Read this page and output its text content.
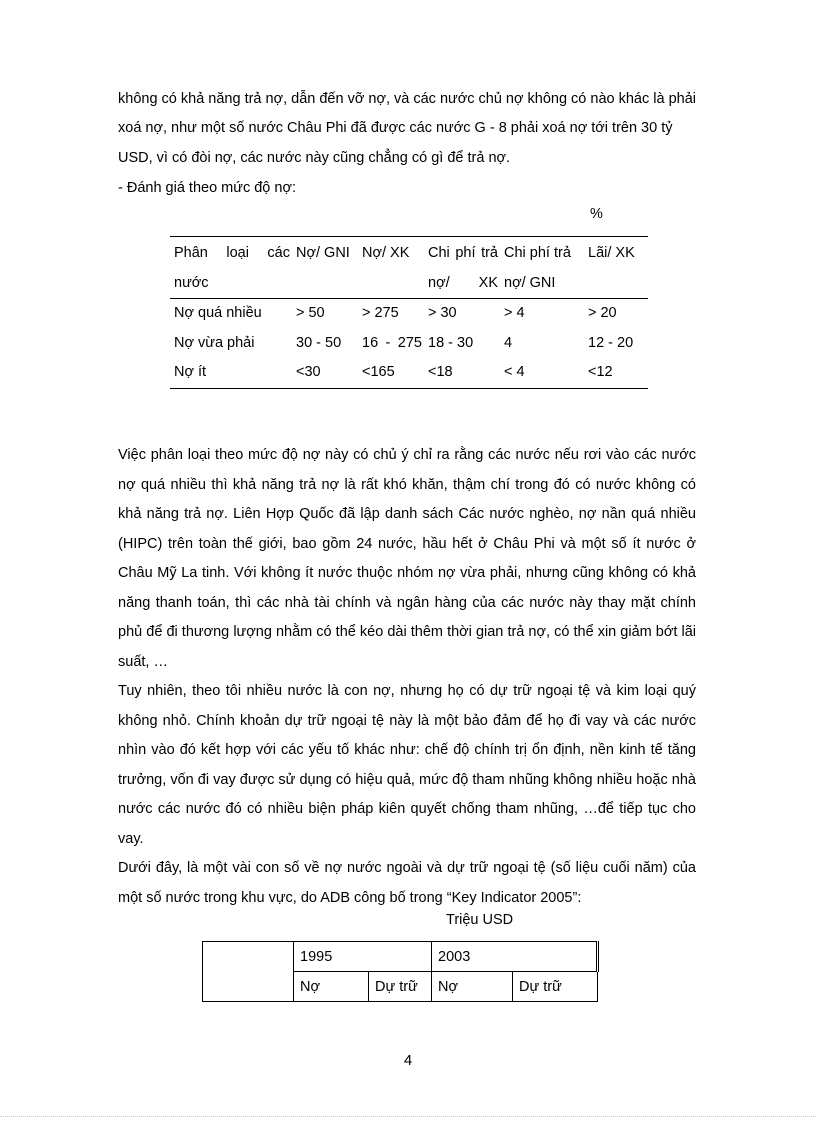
không có khả năng trả nợ, dẫn đến vỡ nợ, và các nước chủ nợ không có nào khác là phải
xoá nợ, như một số nước Châu Phi đã được các nước G - 8 phải xoá nợ tới trên 30 tỷ
USD, vì có đòi nợ, các nước này cũng chẳng có gì để trả nợ.
- Đánh giá theo mức độ nợ:
%
Phân loại các nước	Nợ/ GNI	Nợ/ XK	Chi phí trả nợ/ XK	Chi phí trả nợ/ GNI	Lãi/ XK
Nợ quá nhiều	> 50	> 275	> 30	> 4	> 20
Nợ vừa phải	30 - 50	16 - 275	18 - 30	4	12 - 20
Nợ ít	<30	<165	<18	< 4	<12

Việc phân loại theo mức độ nợ này có chủ ý chỉ ra rằng các nước nếu rơi vào các nước nợ quá nhiều thì khả năng trả nợ là rất khó khăn, thậm chí trong đó có nước không có khả năng trả nợ. Liên Hợp Quốc đã lập danh sách Các nước nghèo, nợ nần quá nhiều (HIPC) trên toàn thế giới, bao gồm 24 nước, hầu hết ở Châu Phi và một số ít nước ở Châu Mỹ La tinh. Với không ít nước thuộc nhóm nợ vừa phải, nhưng cũng không có khả năng thanh toán, thì các nhà tài chính và ngân hàng của các nước này thay mặt chính phủ để đi thương lượng nhằm có thể kéo dài thêm thời gian trả nợ, có thể xin giảm bớt lãi suất, …

Tuy nhiên, theo tôi nhiều nước là con nợ, nhưng họ có dự trữ ngoại tệ và kim loại quý không nhỏ. Chính khoản dự trữ ngoại tệ này là một bảo đảm để họ đi vay và các nước nhìn vào đó kết hợp với các yếu tố khác như: chế độ chính trị ổn định, nền kinh tế tăng trưởng, vốn đi vay được sử dụng có hiệu quả, mức độ tham nhũng không nhiều hoặc nhà nước các nước đó có nhiều biện pháp kiên quyết chống tham nhũng, …để tiếp tục cho vay.

Dưới đây, là một vài con số về nợ nước ngoài và dự trữ ngoại tệ (số liệu cuối năm) của một số nước trong khu vực, do ADB công bố trong “Key Indicator 2005”:

Triệu USD
	1995		2003	
	Nợ	Dự trữ	Nợ	Dự trữ
4
